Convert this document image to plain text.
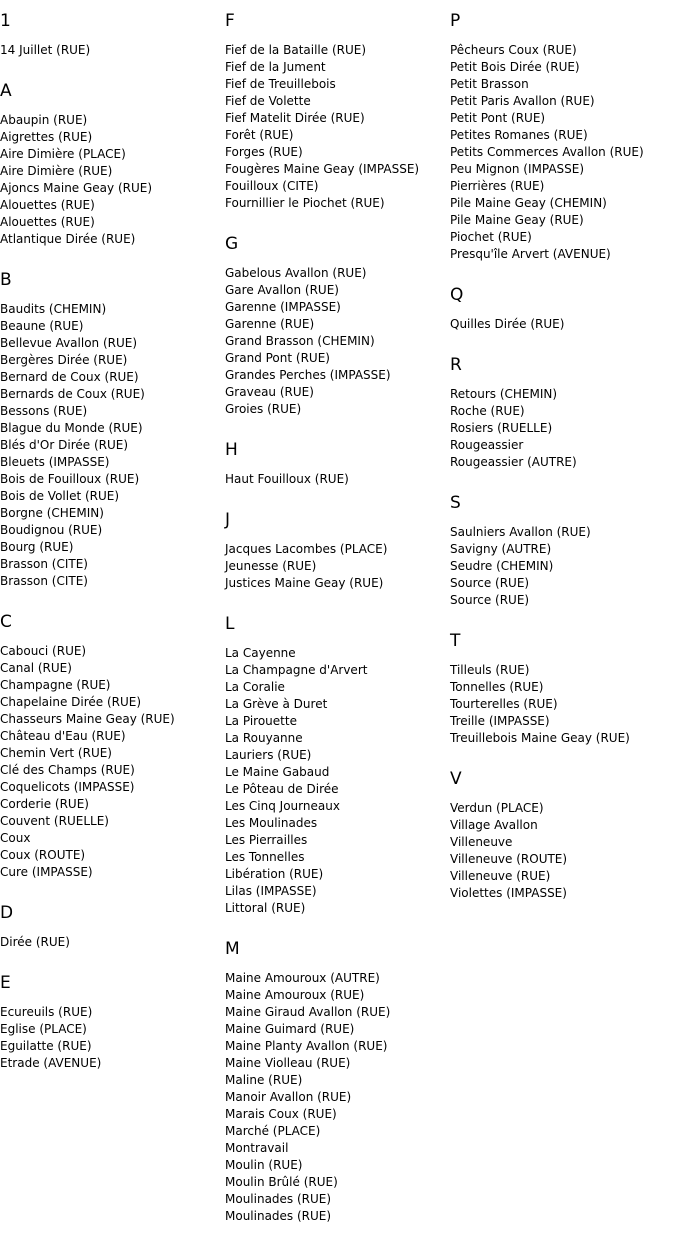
1
14 Juillet (RUE)
A
Abaupin (RUE)
Aigrettes (RUE)
Aire Dimière (PLACE)
Aire Dimière (RUE)
Ajoncs Maine Geay (RUE)
Alouettes (RUE)
Alouettes (RUE)
Atlantique Dirée (RUE)
B
Baudits (CHEMIN)
Beaune (RUE)
Bellevue Avallon (RUE)
Bergères Dirée (RUE)
Bernard de Coux (RUE)
Bernards de Coux (RUE)
Bessons (RUE)
Blague du Monde (RUE)
Blés d'Or Dirée (RUE)
Bleuets (IMPASSE)
Bois de Fouilloux (RUE)
Bois de Vollet (RUE)
Borgne (CHEMIN)
Boudignou (RUE)
Bourg (RUE)
Brasson (CITE)
Brasson (CITE)
C
Cabouci (RUE)
Canal (RUE)
Champagne (RUE)
Chapelaine Dirée (RUE)
Chasseurs Maine Geay (RUE)
Château d'Eau (RUE)
Chemin Vert (RUE)
Clé des Champs (RUE)
Coquelicots (IMPASSE)
Corderie (RUE)
Couvent (RUELLE)
Coux
Coux (ROUTE)
Cure (IMPASSE)
D
Dirée (RUE)
E
Ecureuils (RUE)
Eglise (PLACE)
Eguilatte (RUE)
Etrade (AVENUE)
F
Fief de la Bataille (RUE)
Fief de la Jument
Fief de Treuillebois
Fief de Volette
Fief Matelit Dirée (RUE)
Forêt (RUE)
Forges (RUE)
Fougères Maine Geay (IMPASSE)
Fouilloux (CITE)
Fournillier le Piochet (RUE)
G
Gabelous Avallon (RUE)
Gare Avallon (RUE)
Garenne (IMPASSE)
Garenne (RUE)
Grand Brasson (CHEMIN)
Grand Pont (RUE)
Grandes Perches (IMPASSE)
Graveau (RUE)
Groies (RUE)
H
Haut Fouilloux (RUE)
J
Jacques Lacombes (PLACE)
Jeunesse (RUE)
Justices Maine Geay (RUE)
L
La Cayenne
La Champagne d'Arvert
La Coralie
La Grève à Duret
La Pirouette
La Rouyanne
Lauriers (RUE)
Le Maine Gabaud
Le Pôteau de Dirée
Les Cinq Journeaux
Les Moulinades
Les Pierrailles
Les Tonnelles
Libération (RUE)
Lilas (IMPASSE)
Littoral (RUE)
M
Maine Amouroux (AUTRE)
Maine Amouroux (RUE)
Maine Giraud Avallon (RUE)
Maine Guimard (RUE)
Maine Planty Avallon (RUE)
Maine Violleau (RUE)
Maline (RUE)
Manoir Avallon (RUE)
Marais Coux (RUE)
Marché (PLACE)
Montravail
Moulin (RUE)
Moulin Brûlé (RUE)
Moulinades (RUE)
Moulinades (RUE)
P
Pêcheurs Coux (RUE)
Petit Bois Dirée (RUE)
Petit Brasson
Petit Paris Avallon (RUE)
Petit Pont (RUE)
Petites Romanes (RUE)
Petits Commerces Avallon (RUE)
Peu Mignon (IMPASSE)
Pierrières (RUE)
Pile Maine Geay (CHEMIN)
Pile Maine Geay (RUE)
Piochet (RUE)
Presqu'île Arvert (AVENUE)
Q
Quilles Dirée (RUE)
R
Retours (CHEMIN)
Roche (RUE)
Rosiers (RUELLE)
Rougeassier
Rougeassier (AUTRE)
S
Saulniers Avallon (RUE)
Savigny (AUTRE)
Seudre (CHEMIN)
Source (RUE)
Source (RUE)
T
Tilleuls (RUE)
Tonnelles (RUE)
Tourterelles (RUE)
Treille (IMPASSE)
Treuillebois Maine Geay (RUE)
V
Verdun (PLACE)
Village Avallon
Villeneuve
Villeneuve (ROUTE)
Villeneuve (RUE)
Violettes (IMPASSE)
